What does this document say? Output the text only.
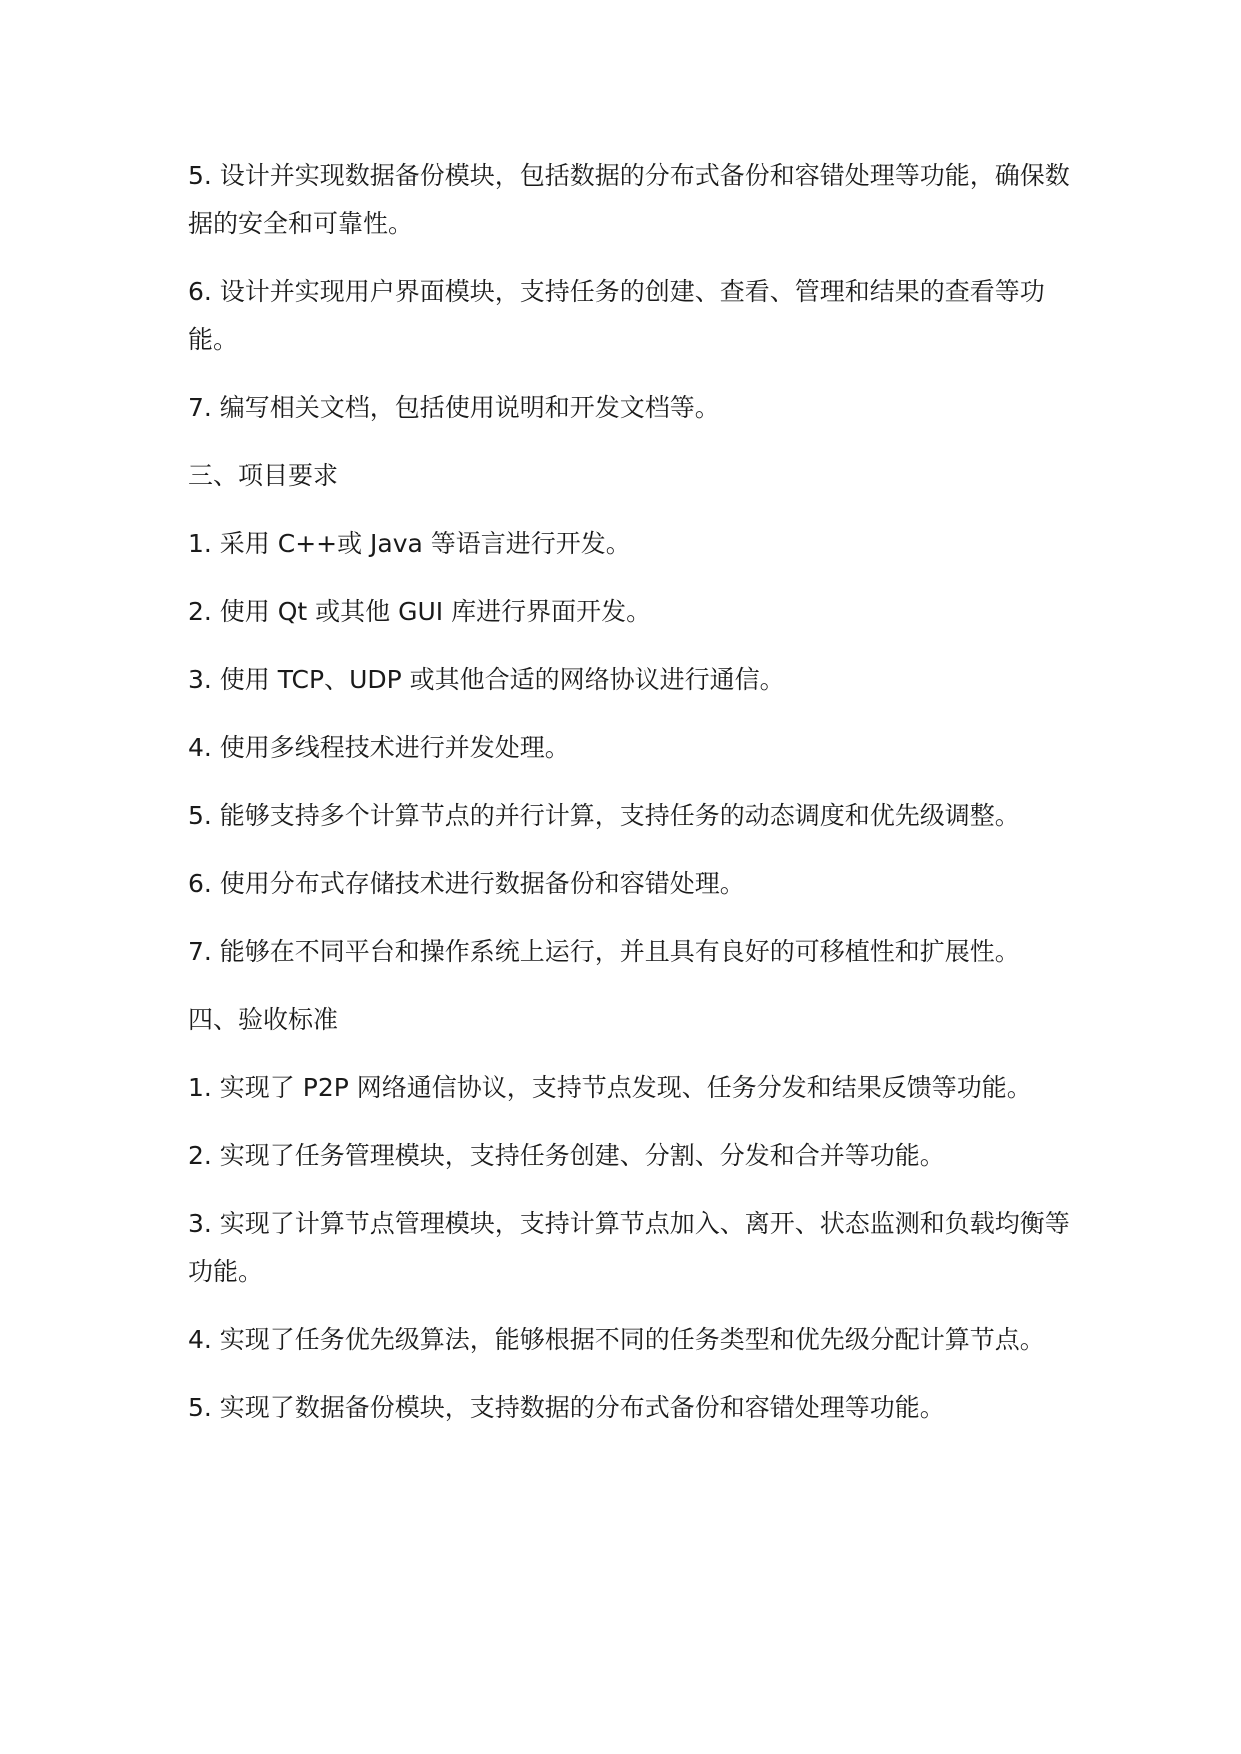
5. 设计并实现数据备份模块，包括数据的分布式备份和容错处理等功能，确保数据的安全和可靠性。

6. 设计并实现用户界面模块，支持任务的创建、查看、管理和结果的查看等功能。

7. 编写相关文档，包括使用说明和开发文档等。

三、项目要求

1. 采用 C++或 Java 等语言进行开发。

2. 使用 Qt 或其他 GUI 库进行界面开发。

3. 使用 TCP、UDP 或其他合适的网络协议进行通信。

4. 使用多线程技术进行并发处理。

5. 能够支持多个计算节点的并行计算，支持任务的动态调度和优先级调整。

6. 使用分布式存储技术进行数据备份和容错处理。

7. 能够在不同平台和操作系统上运行，并且具有良好的可移植性和扩展性。

四、验收标准

1. 实现了 P2P 网络通信协议，支持节点发现、任务分发和结果反馈等功能。

2. 实现了任务管理模块，支持任务创建、分割、分发和合并等功能。

3. 实现了计算节点管理模块，支持计算节点加入、离开、状态监测和负载均衡等功能。

4. 实现了任务优先级算法，能够根据不同的任务类型和优先级分配计算节点。

5. 实现了数据备份模块，支持数据的分布式备份和容错处理等功能。
